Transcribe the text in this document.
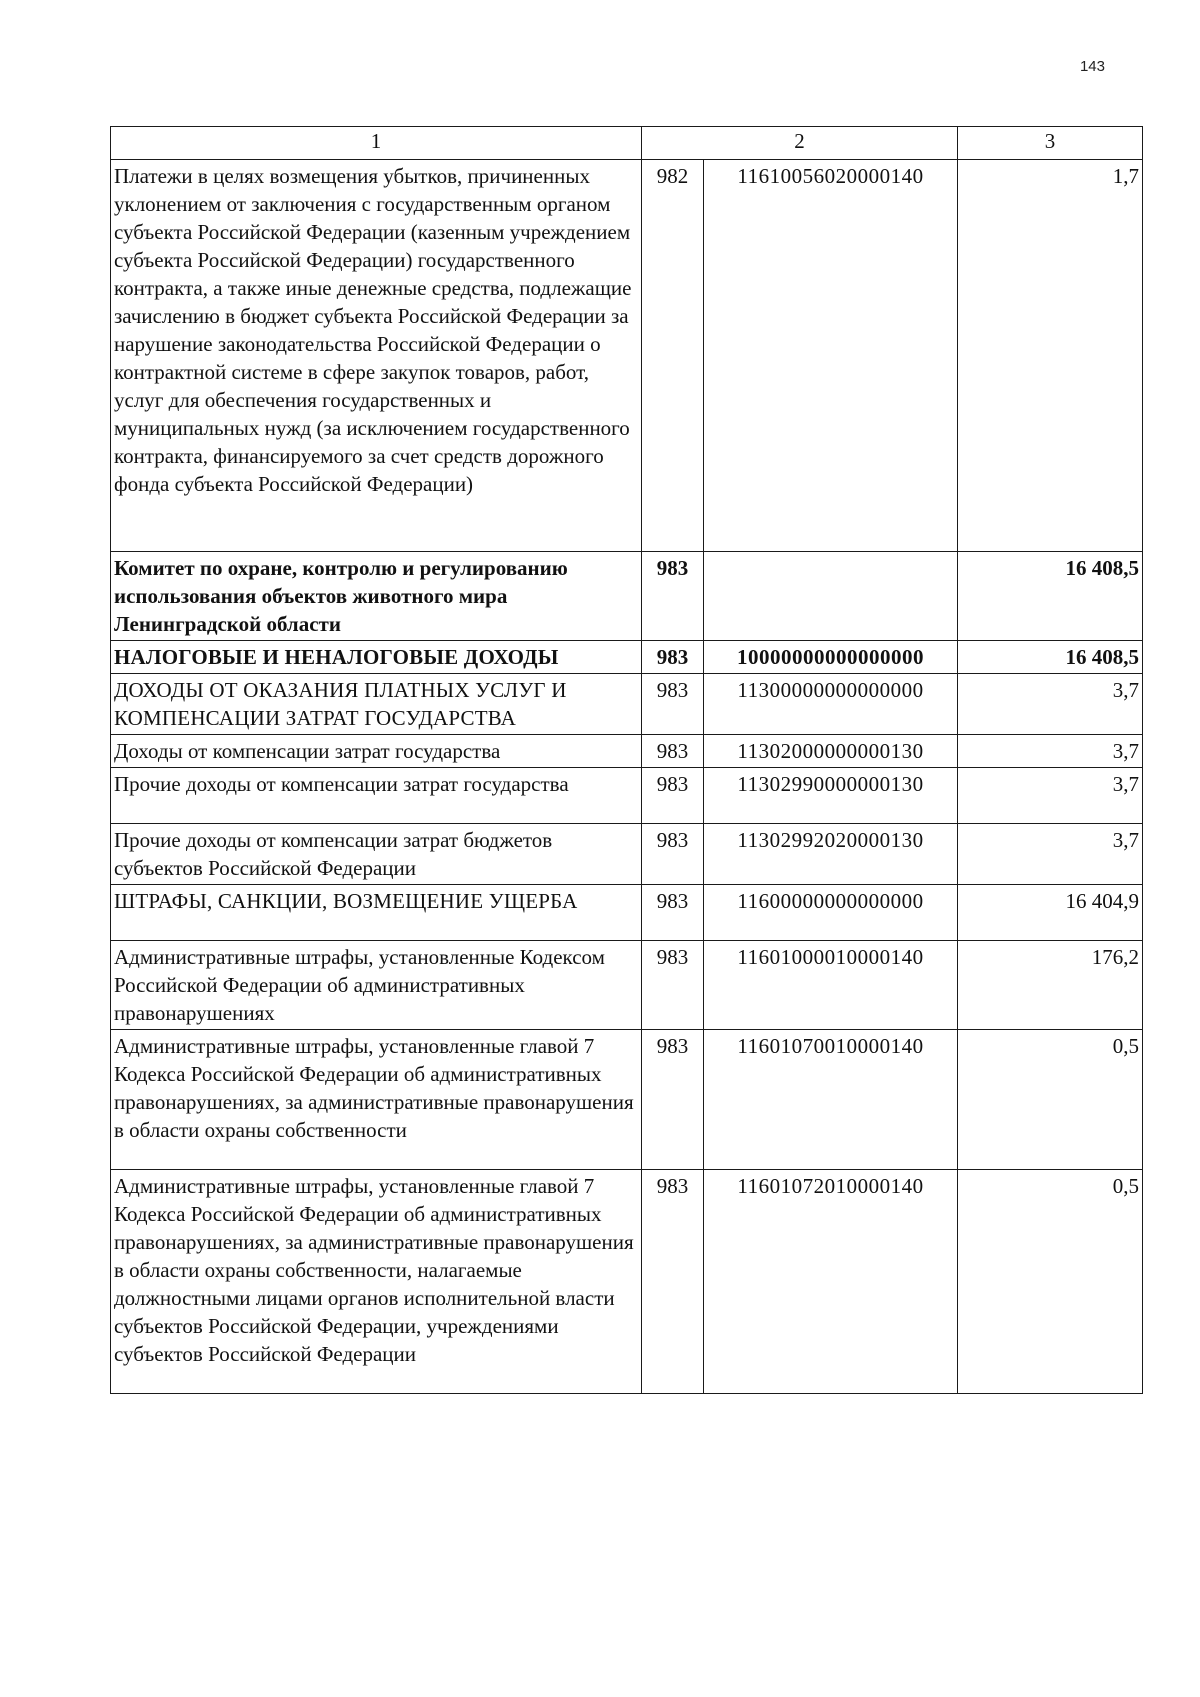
143
1	2		3
Платежи в целях возмещения убытков, причиненных уклонением от заключения с государственным органом субъекта Российской Федерации (казенным учреждением субъекта Российской Федерации) государственного контракта, а также иные денежные средства, подлежащие зачислению в бюджет субъекта Российской Федерации за нарушение законодательства Российской Федерации о контрактной системе в сфере закупок товаров, работ, услуг для обеспечения государственных и муниципальных нужд (за исключением государственного контракта, финансируемого за счет средств дорожного фонда субъекта Российской Федерации)	982	11610056020000140	1,7
Комитет по охране, контролю и регулированию использования объектов животного мира Ленинградской области	983		16 408,5
НАЛОГОВЫЕ И НЕНАЛОГОВЫЕ ДОХОДЫ	983	10000000000000000	16 408,5
ДОХОДЫ ОТ ОКАЗАНИЯ ПЛАТНЫХ УСЛУГ И КОМПЕНСАЦИИ ЗАТРАТ ГОСУДАРСТВА	983	11300000000000000	3,7
Доходы от компенсации затрат государства	983	11302000000000130	3,7
Прочие доходы от компенсации затрат государства	983	11302990000000130	3,7
Прочие доходы от компенсации затрат бюджетов субъектов Российской Федерации	983	11302992020000130	3,7
ШТРАФЫ, САНКЦИИ, ВОЗМЕЩЕНИЕ УЩЕРБА	983	11600000000000000	16 404,9
Административные штрафы, установленные Кодексом Российской Федерации об административных правонарушениях	983	11601000010000140	176,2
Административные штрафы, установленные главой 7 Кодекса Российской Федерации об административных правонарушениях, за административные правонарушения в области охраны собственности	983	11601070010000140	0,5
Административные штрафы, установленные главой 7 Кодекса Российской Федерации об административных правонарушениях, за административные правонарушения в области охраны собственности, налагаемые должностными лицами органов исполнительной власти субъектов Российской Федерации, учреждениями субъектов Российской Федерации	983	11601072010000140	0,5
